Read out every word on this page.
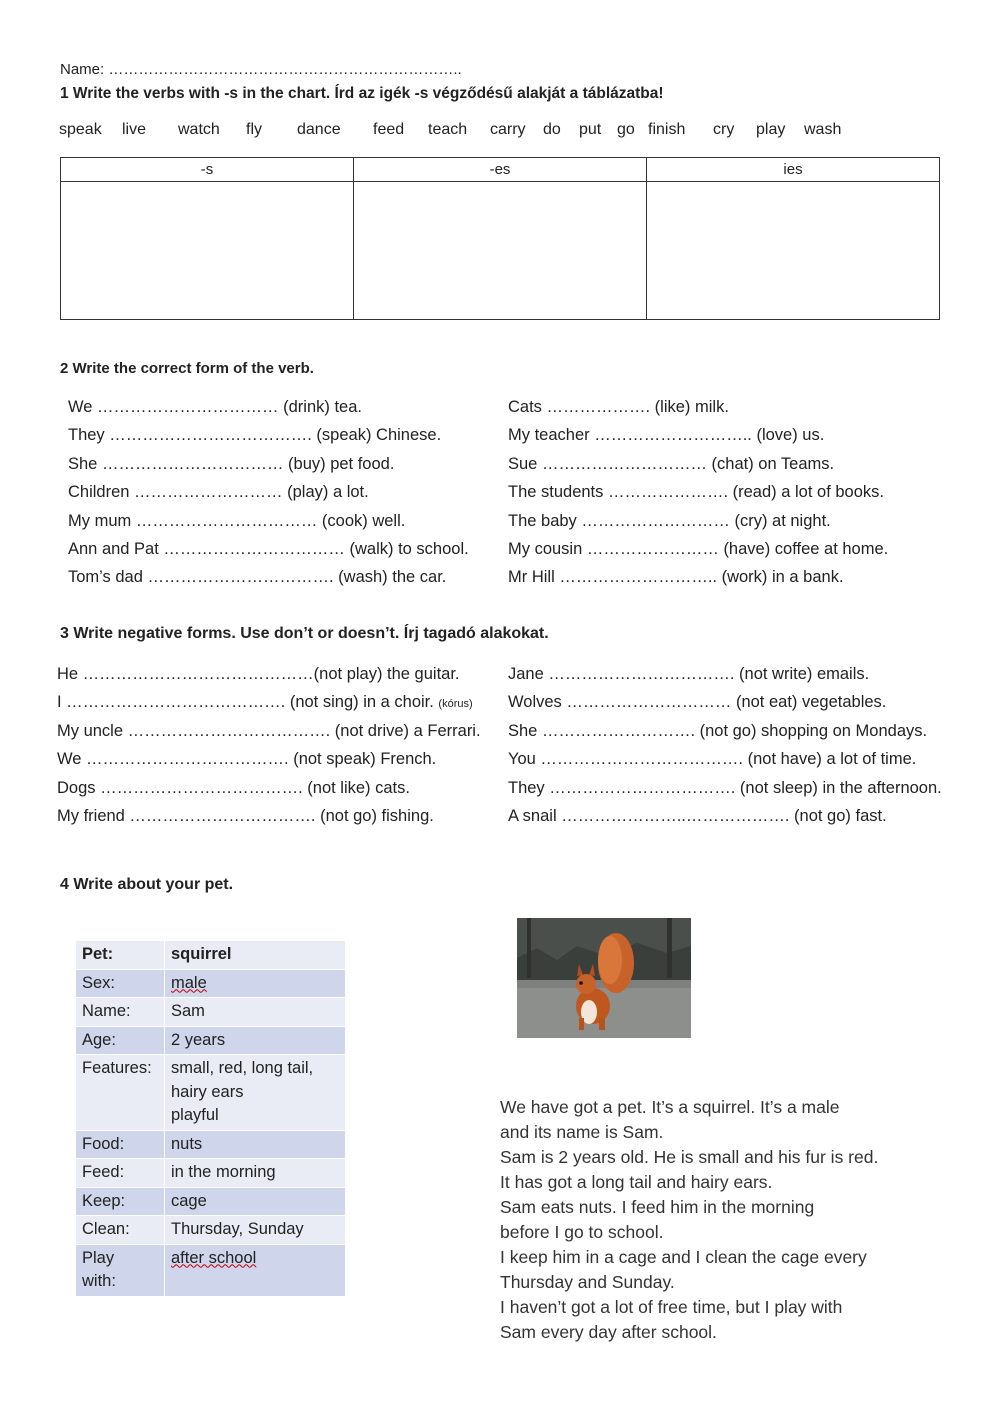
Name: ……………………………………………………………..
1 Write the verbs with -s in the chart. Írd az igék -s végződésű alakját a táblázatba!
speak live watch fly dance feed teach carry do put go finish cry play wash
-s	-es	ies

2 Write the correct form of the verb.
We …………………………… (drink) tea.
They ………………………………. (speak) Chinese.
She …………………………… (buy) pet food.
Children ……………………… (play) a lot.
My mum …………………………… (cook) well.
Ann and Pat …………………………… (walk) to school.
Tom’s dad ……………………………. (wash) the car.
Cats ………………. (like) milk.
My teacher ……………………….. (love) us.
Sue ………………………… (chat) on Teams.
The students …………………. (read) a lot of books.
The baby ……………………… (cry) at night.
My cousin …………………… (have) coffee at home.
Mr Hill ……………………….. (work) in a bank.
3 Write negative forms. Use don’t or doesn’t. Írj tagadó alakokat.
He ……………………………………(not play) the guitar.
I …………………………………. (not sing) in a choir. (kórus)
My uncle ………………………………. (not drive) a Ferrari.
We ………………………………. (not speak) French.
Dogs ………………………………. (not like) cats.
My friend ……………………………. (not go) fishing.
Jane ……………………………. (not write) emails.
Wolves ………………………… (not eat) vegetables.
She ………………………. (not go) shopping on Mondays.
You ………………………………. (not have) a lot of time.
They ……………………………. (not sleep) in the afternoon.
A snail …………………..………………. (not go) fast.
4 Write about your pet.
Pet:	squirrel
Sex:	male
Name:	Sam
Age:	2 years
Features:	small, red, long tail,
hairy ears
playful

Food:	nuts
Feed:	in the morning
Keep:	cage
Clean:	Thursday, Sunday

Play
with:	after school
We have got a pet. It’s a squirrel. It’s a male
and its name is Sam.
Sam is 2 years old. He is small and his fur is red.
It has got a long tail and hairy ears.
Sam eats nuts. I feed him in the morning
before I go to school.
I keep him in a cage and I clean the cage every
Thursday and Sunday.
I haven’t got a lot of free time, but I play with
Sam every day after school.
